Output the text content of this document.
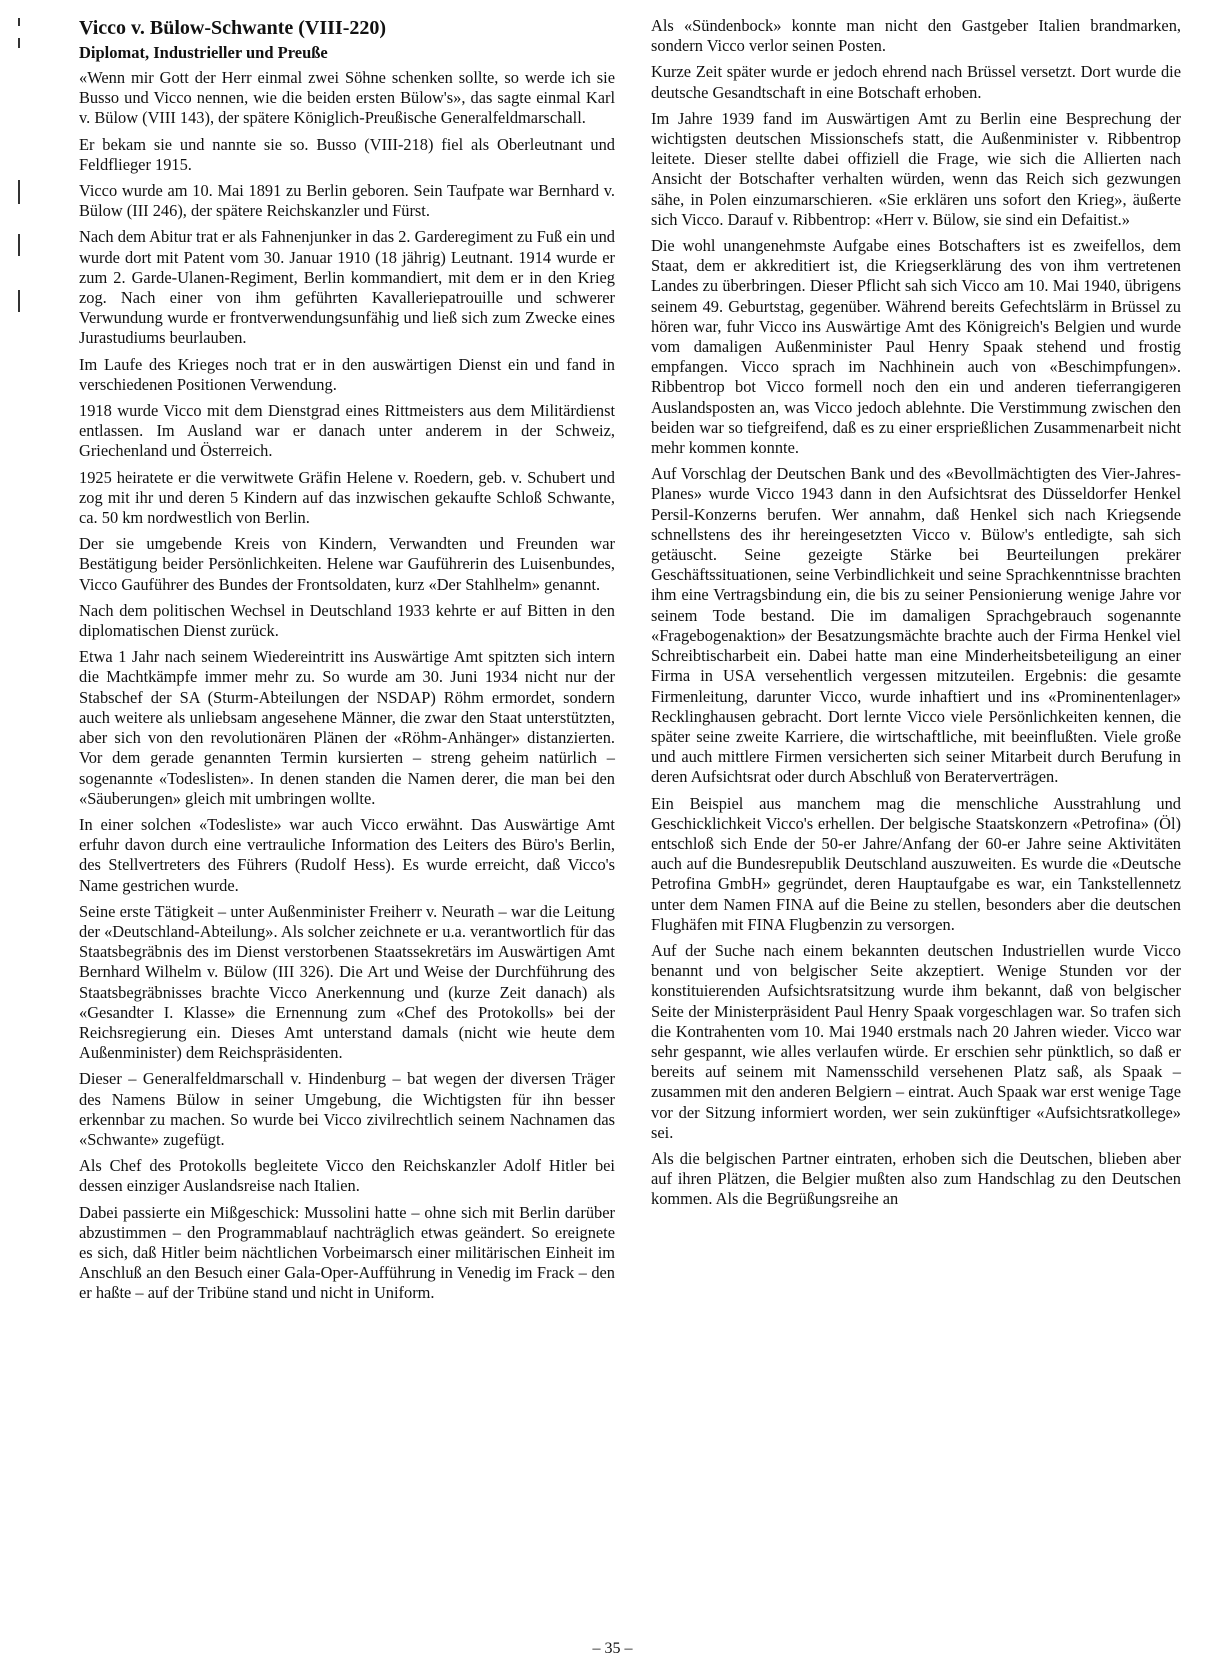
Vicco v. Bülow-Schwante (VIII-220)
Diplomat, Industrieller und Preuße

«Wenn mir Gott der Herr einmal zwei Söhne schenken sollte, so werde ich sie Busso und Vicco nennen, wie die beiden ersten Bülow's», das sagte einmal Karl v. Bülow (VIII 143), der spätere Königlich-Preußische Generalfeldmarschall.

Er bekam sie und nannte sie so. Busso (VIII-218) fiel als Oberleutnant und Feldflieger 1915.

Vicco wurde am 10. Mai 1891 zu Berlin geboren. Sein Taufpate war Bernhard v. Bülow (III 246), der spätere Reichskanzler und Fürst.

Nach dem Abitur trat er als Fahnenjunker in das 2. Garderegiment zu Fuß ein und wurde dort mit Patent vom 30. Januar 1910 (18 jährig) Leutnant. 1914 wurde er zum 2. Garde-Ulanen-Regiment, Berlin kommandiert, mit dem er in den Krieg zog. Nach einer von ihm geführten Kavalleriepatrouille und schwerer Verwundung wurde er frontverwendungsunfähig und ließ sich zum Zwecke eines Jurastudiums beurlauben.

Im Laufe des Krieges noch trat er in den auswärtigen Dienst ein und fand in verschiedenen Positionen Verwendung.

1918 wurde Vicco mit dem Dienstgrad eines Rittmeisters aus dem Militärdienst entlassen. Im Ausland war er danach unter anderem in der Schweiz, Griechenland und Österreich.

1925 heiratete er die verwitwete Gräfin Helene v. Roedern, geb. v. Schubert und zog mit ihr und deren 5 Kindern auf das inzwischen gekaufte Schloß Schwante, ca. 50 km nordwestlich von Berlin.

Der sie umgebende Kreis von Kindern, Verwandten und Freunden war Bestätigung beider Persönlichkeiten. Helene war Gauführerin des Luisenbundes, Vicco Gauführer des Bundes der Frontsoldaten, kurz «Der Stahlhelm» genannt.

Nach dem politischen Wechsel in Deutschland 1933 kehrte er auf Bitten in den diplomatischen Dienst zurück.

Etwa 1 Jahr nach seinem Wiedereintritt ins Auswärtige Amt spitzten sich intern die Machtkämpfe immer mehr zu. So wurde am 30. Juni 1934 nicht nur der Stabschef der SA (Sturm-Abteilungen der NSDAP) Röhm ermordet, sondern auch weitere als unliebsam angesehene Männer, die zwar den Staat unterstützten, aber sich von den revolutionären Plänen der «Röhm-Anhänger» distanzierten. Vor dem gerade genannten Termin kursierten – streng geheim natürlich – sogenannte «Todeslisten». In denen standen die Namen derer, die man bei den «Säuberungen» gleich mit umbringen wollte.

In einer solchen «Todesliste» war auch Vicco erwähnt. Das Auswärtige Amt erfuhr davon durch eine vertrauliche Information des Leiters des Büro's Berlin, des Stellvertreters des Führers (Rudolf Hess). Es wurde erreicht, daß Vicco's Name gestrichen wurde.

Seine erste Tätigkeit – unter Außenminister Freiherr v. Neurath – war die Leitung der «Deutschland-Abteilung». Als solcher zeichnete er u.a. verantwortlich für das Staatsbegräbnis des im Dienst verstorbenen Staatssekretärs im Auswärtigen Amt Bernhard Wilhelm v. Bülow (III 326). Die Art und Weise der Durchführung des Staatsbegräbnisses brachte Vicco Anerkennung und (kurze Zeit danach) als «Gesandter I. Klasse» die Ernennung zum «Chef des Protokolls» bei der Reichsregierung ein. Dieses Amt unterstand damals (nicht wie heute dem Außenminister) dem Reichspräsidenten.

Dieser – Generalfeldmarschall v. Hindenburg – bat wegen der diversen Träger des Namens Bülow in seiner Umgebung, die Wichtigsten für ihn besser erkennbar zu machen. So wurde bei Vicco zivilrechtlich seinem Nachnamen das «Schwante» zugefügt.

Als Chef des Protokolls begleitete Vicco den Reichskanzler Adolf Hitler bei dessen einziger Auslandsreise nach Italien.

Dabei passierte ein Mißgeschick: Mussolini hatte – ohne sich mit Berlin darüber abzustimmen – den Programmablauf nachträglich etwas geändert. So ereignete es sich, daß Hitler beim nächtlichen Vorbeimarsch einer militärischen Einheit im Anschluß an den Besuch einer Gala-Oper-Aufführung in Venedig im Frack – den er haßte – auf der Tribüne stand und nicht in Uniform.

Als «Sündenbock» konnte man nicht den Gastgeber Italien brandmarken, sondern Vicco verlor seinen Posten.

Kurze Zeit später wurde er jedoch ehrend nach Brüssel versetzt. Dort wurde die deutsche Gesandtschaft in eine Botschaft erhoben.

Im Jahre 1939 fand im Auswärtigen Amt zu Berlin eine Besprechung der wichtigsten deutschen Missionschefs statt, die Außenminister v. Ribbentrop leitete. Dieser stellte dabei offiziell die Frage, wie sich die Allierten nach Ansicht der Botschafter verhalten würden, wenn das Reich sich gezwungen sähe, in Polen einzumarschieren. «Sie erklären uns sofort den Krieg», äußerte sich Vicco. Darauf v. Ribbentrop: «Herr v. Bülow, sie sind ein Defaitist.»

Die wohl unangenehmste Aufgabe eines Botschafters ist es zweifellos, dem Staat, dem er akkreditiert ist, die Kriegserklärung des von ihm vertretenen Landes zu überbringen. Dieser Pflicht sah sich Vicco am 10. Mai 1940, übrigens seinem 49. Geburtstag, gegenüber. Während bereits Gefechtslärm in Brüssel zu hören war, fuhr Vicco ins Auswärtige Amt des Königreich's Belgien und wurde vom damaligen Außenminister Paul Henry Spaak stehend und frostig empfangen. Vicco sprach im Nachhinein auch von «Beschimpfungen». Ribbentrop bot Vicco formell noch den ein und anderen tieferrangigeren Auslandsposten an, was Vicco jedoch ablehnte. Die Verstimmung zwischen den beiden war so tiefgreifend, daß es zu einer ersprießlichen Zusammenarbeit nicht mehr kommen konnte.

Auf Vorschlag der Deutschen Bank und des «Bevollmächtigten des Vier-Jahres-Planes» wurde Vicco 1943 dann in den Aufsichtsrat des Düsseldorfer Henkel Persil-Konzerns berufen. Wer annahm, daß Henkel sich nach Kriegsende schnellstens des ihr hereingesetzten Vicco v. Bülow's entledigte, sah sich getäuscht. Seine gezeigte Stärke bei Beurteilungen prekärer Geschäftssituationen, seine Verbindlichkeit und seine Sprachkenntnisse brachten ihm eine Vertragsbindung ein, die bis zu seiner Pensionierung wenige Jahre vor seinem Tode bestand. Die im damaligen Sprachgebrauch sogenannte «Fragebogenaktion» der Besatzungsmächte brachte auch der Firma Henkel viel Schreibtischarbeit ein. Dabei hatte man eine Minderheitsbeteiligung an einer Firma in USA versehentlich vergessen mitzuteilen. Ergebnis: die gesamte Firmenleitung, darunter Vicco, wurde inhaftiert und ins «Prominentenlager» Recklinghausen gebracht. Dort lernte Vicco viele Persönlichkeiten kennen, die später seine zweite Karriere, die wirtschaftliche, mit beeinflußten. Viele große und auch mittlere Firmen versicherten sich seiner Mitarbeit durch Berufung in deren Aufsichtsrat oder durch Abschluß von Beraterverträgen.

Ein Beispiel aus manchem mag die menschliche Ausstrahlung und Geschicklichkeit Vicco's erhellen. Der belgische Staatskonzern «Petrofina» (Öl) entschloß sich Ende der 50-er Jahre/Anfang der 60-er Jahre seine Aktivitäten auch auf die Bundesrepublik Deutschland auszuweiten. Es wurde die «Deutsche Petrofina GmbH» gegründet, deren Hauptaufgabe es war, ein Tankstellennetz unter dem Namen FINA auf die Beine zu stellen, besonders aber die deutschen Flughäfen mit FINA Flugbenzin zu versorgen.

Auf der Suche nach einem bekannten deutschen Industriellen wurde Vicco benannt und von belgischer Seite akzeptiert. Wenige Stunden vor der konstituierenden Aufsichtsratsitzung wurde ihm bekannt, daß von belgischer Seite der Ministerpräsident Paul Henry Spaak vorgeschlagen war. So trafen sich die Kontrahenten vom 10. Mai 1940 erstmals nach 20 Jahren wieder. Vicco war sehr gespannt, wie alles verlaufen würde. Er erschien sehr pünktlich, so daß er bereits auf seinem mit Namensschild versehenen Platz saß, als Spaak – zusammen mit den anderen Belgiern – eintrat. Auch Spaak war erst wenige Tage vor der Sitzung informiert worden, wer sein zukünftiger «Aufsichtsratkollege» sei.

Als die belgischen Partner eintraten, erhoben sich die Deutschen, blieben aber auf ihren Plätzen, die Belgier mußten also zum Handschlag zu den Deutschen kommen. Als die Begrüßungsreihe an

– 35 –
